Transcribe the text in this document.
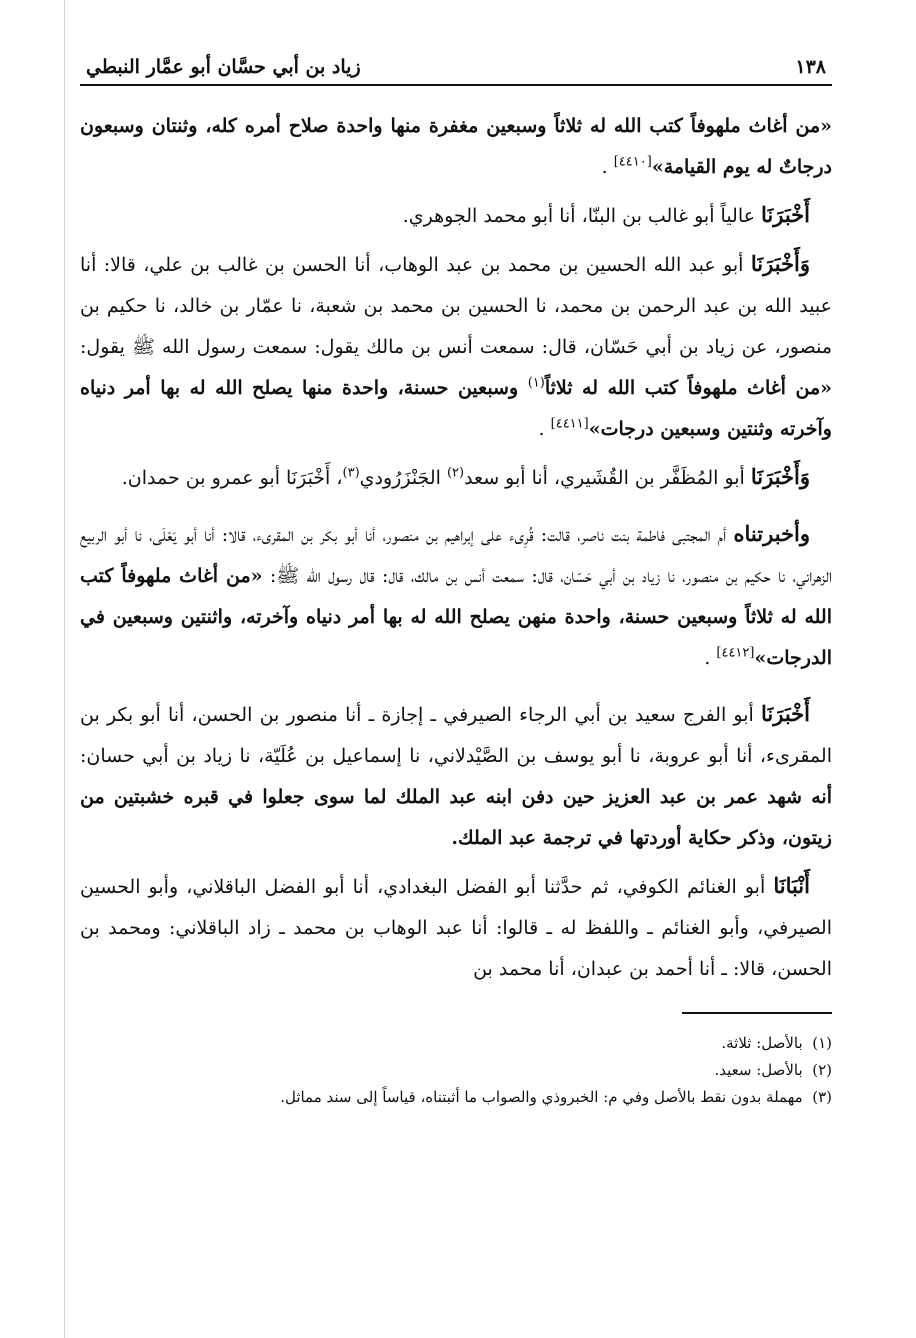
١٣٨
زياد بن أبي حسَّان أبو عمَّار النبطي

«من أغاث ملهوفاً كتب الله له ثلاثاً وسبعين مغفرة منها واحدة صلاح أمره كله، وثنتان وسبعون درجاتٌ له يوم القيامة»[٤٤١٠] .

أَخْبَرَنَا عالياً أبو غالب بن البنّا، أنا أبو محمد الجوهري.

وَأَخْبَرَنَا أبو عبد الله الحسين بن محمد بن عبد الوهاب، أنا الحسن بن غالب بن علي، قالا: أنا عبيد الله بن عبد الرحمن بن محمد، نا الحسين بن محمد بن شعبة، نا عمّار بن خالد، نا حكيم بن منصور، عن زياد بن أبي حَسّان، قال: سمعت أنس بن مالك يقول: سمعت رسول الله ﷺ يقول: «من أغاث ملهوفاً كتب الله له ثلاثاً$^{(١)}$ وسبعين حسنة، واحدة منها يصلح الله له بها أمر دنياه وآخرته وثنتين وسبعين درجات»[٤٤١١] .

وَأَخْبَرَنَا أبو المُظَفَّر بن القُشَيري، أنا أبو سعد$^{(٢)}$ الجَنْزَرُودي$^{(٣)}$، أَخْبَرَنَا أبو عمرو بن حمدان.

وأخبرتناه أم المجتبى فاطمة بنت ناصر، قالت: قُرِىء على إبراهيم بن منصور، أنا أبو بكر بن المقرىء، قالا: أنا أبو يَعْلَى، نا أبو الربيع الزهراني، نا حكيم بن منصور، نا زياد بن أبي حَسّان، قال: سمعت أنس بن مالك، قال: قال رسول الله ﷺ: «من أغاث ملهوفاً كتب الله له ثلاثاً وسبعين حسنة، واحدة منهن يصلح الله له بها أمر دنياه وآخرته، واثنتين وسبعين في الدرجات»[٤٤١٢] .

أَخْبَرَنَا أبو الفرج سعيد بن أبي الرجاء الصيرفي ـ إجازة ـ أنا منصور بن الحسن، أنا أبو بكر بن المقرىء، أنا أبو عروبة، نا أبو يوسف بن الصَّيْدلاني، نا إسماعيل بن عُلَيّة، نا زياد بن أبي حسان: أنه شهد عمر بن عبد العزيز حين دفن ابنه عبد الملك لما سوى جعلوا في قبره خشبتين من زيتون، وذكر حكاية أوردتها في ترجمة عبد الملك.

أَنْبَانَا أبو الغنائم الكوفي، ثم حدَّثنا أبو الفضل البغدادي، أنا أبو الفضل الباقلاني، وأبو الحسين الصيرفي، وأبو الغنائم ـ واللفظ له ـ قالوا: أنا عبد الوهاب بن محمد ـ زاد الباقلاني: ومحمد بن الحسن، قالا: ـ أنا أحمد بن عبدان، أنا محمد بن

(١)  بالأصل: ثلاثة.
(٢)  بالأصل: سعيد.
(٣)  مهملة بدون نقط بالأصل وفي م: الخبروذي والصواب ما أثبتناه، قياساً إلى سند مماثل.
